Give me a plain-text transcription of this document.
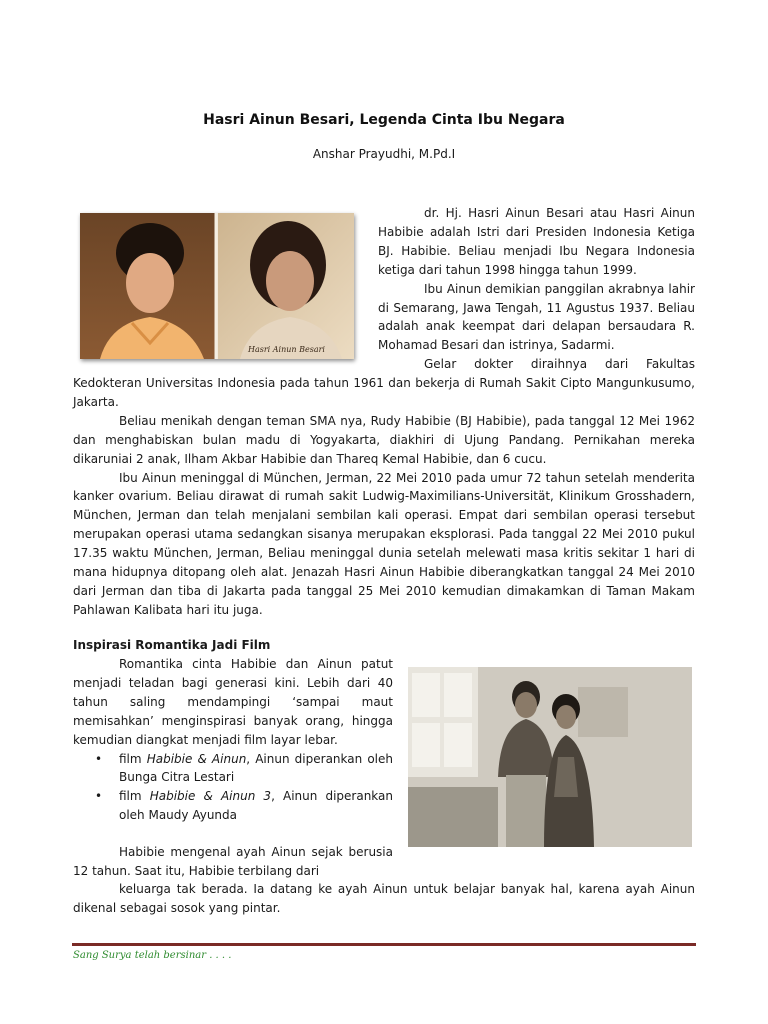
Hasri Ainun Besari, Legenda Cinta Ibu Negara
Anshar Prayudhi, M.Pd.I
Hasri Ainun Besari

dr. Hj. Hasri Ainun Besari atau Hasri Ainun Habibie adalah Istri dari Presiden Indonesia Ketiga BJ. Habibie. Beliau menjadi Ibu Negara Indonesia ketiga dari tahun 1998 hingga tahun 1999.

Ibu Ainun demikian panggilan akrabnya lahir di Semarang, Jawa Tengah, 11 Agustus 1937. Beliau adalah anak keempat dari delapan bersaudara R. Mohamad Besari dan istrinya, Sadarmi.

Gelar dokter diraihnya dari Fakultas

Kedokteran Universitas Indonesia pada tahun 1961 dan bekerja di Rumah Sakit Cipto Mangunkusumo, Jakarta.

Beliau menikah dengan teman SMA nya, Rudy Habibie (BJ Habibie), pada tanggal 12 Mei 1962 dan menghabiskan bulan madu di Yogyakarta, diakhiri di Ujung Pandang. Pernikahan mereka dikaruniai 2 anak, Ilham Akbar Habibie dan Thareq Kemal Habibie, dan 6 cucu.

Ibu Ainun meninggal di München, Jerman, 22 Mei 2010 pada umur 72 tahun setelah menderita kanker ovarium. Beliau dirawat di rumah sakit Ludwig-Maximilians-Universität, Klinikum Grosshadern, München, Jerman dan telah menjalani sembilan kali operasi. Empat dari sembilan operasi tersebut merupakan operasi utama sedangkan sisanya merupakan eksplorasi. Pada tanggal 22 Mei 2010 pukul 17.35 waktu München, Jerman, Beliau meninggal dunia setelah melewati masa kritis sekitar 1 hari di mana hidupnya ditopang oleh alat. Jenazah Hasri Ainun Habibie diberangkatkan tanggal 24 Mei 2010 dari Jerman dan tiba di Jakarta pada tanggal 25 Mei 2010 kemudian dimakamkan di Taman Makam Pahlawan Kalibata hari itu juga.

Inspirasi Romantika Jadi Film

Romantika cinta Habibie dan Ainun patut menjadi teladan bagi generasi kini. Lebih dari 40 tahun saling mendampingi ‘sampai maut memisahkan’ menginspirasi banyak orang, hingga kemudian diangkat menjadi film layar lebar.

• film Habibie & Ainun, Ainun diperankan oleh Bunga Citra Lestari
• film Habibie & Ainun 3, Ainun diperankan oleh Maudy Ayunda

Habibie mengenal ayah Ainun sejak berusia 12 tahun. Saat itu, Habibie terbilang dari

keluarga tak berada. Ia datang ke ayah Ainun untuk belajar banyak hal, karena ayah Ainun dikenal sebagai sosok yang pintar.

Sang Surya telah bersinar . . . .
